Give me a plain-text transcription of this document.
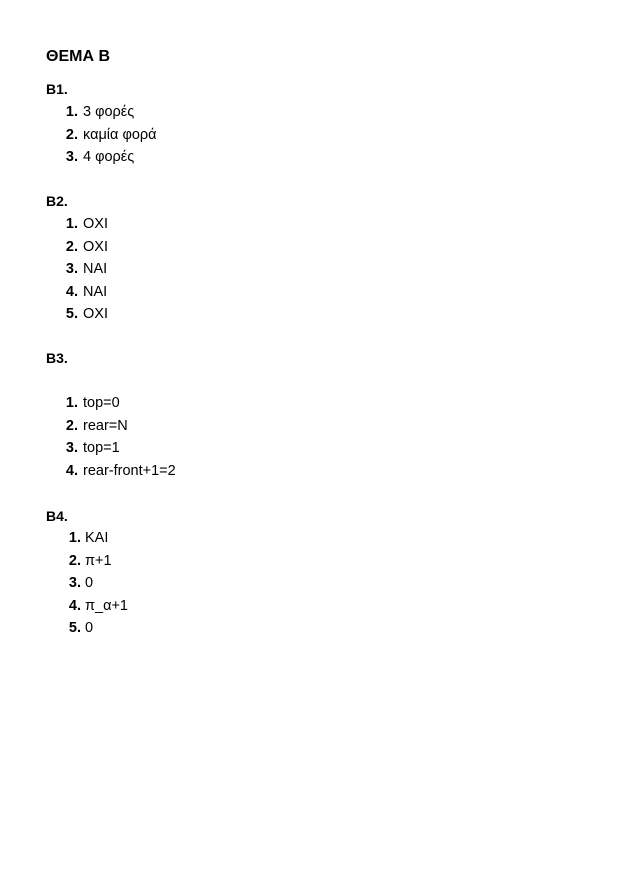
ΘΕΜΑ Β
Β1.
1. 3 φορές
2. καμία φορά
3. 4 φορές
Β2.
1. ΟΧΙ
2. ΟΧΙ
3. ΝΑΙ
4. ΝΑΙ
5. ΟΧΙ
Β3.
1. top=0
2. rear=N
3. top=1
4. rear-front+1=2
Β4.
1. ΚΑΙ
2. π+1
3. 0
4. π_α+1
5. 0
